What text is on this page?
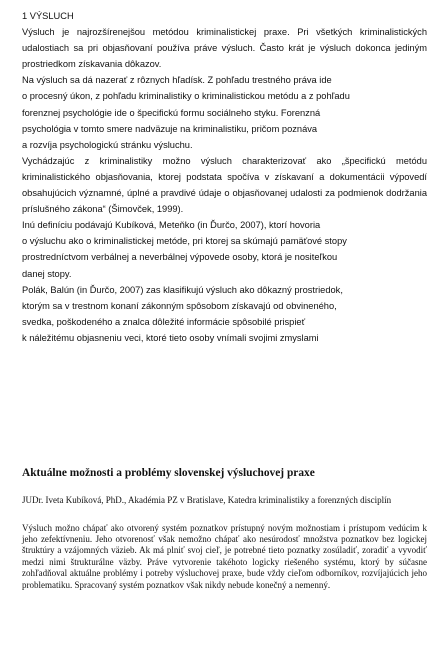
1 VÝSLUCH

Výsluch je najrozšírenejšou metódou kriminalistickej praxe. Pri všetkých kriminalistických udalostiach sa pri objasňovaní používa práve výsluch. Často krát je výsluch dokonca jediným prostriedkom získavania dôkazov.

Na výsluch sa dá nazerať z rôznych hľadísk. Z pohľadu trestného práva ide

o procesný úkon, z pohľadu kriminalistiky o kriminalistickou metódu a z pohľadu

forenznej psychológie ide o špecifickú formu sociálneho styku. Forenzná

psychológia v tomto smere nadväzuje na kriminalistiku, pričom poznáva

a rozvíja psychologickú stránku výsluchu.

Vychádzajúc z kriminalistiky možno výsluch charakterizovať ako „špecifickú metódu kriminalistického objasňovania, ktorej podstata spočíva v získavaní a dokumentácii výpovedí obsahujúcich významné, úplné a pravdivé údaje o objasňovanej udalosti za podmienok dodržania príslušného zákona“ (Šimovček, 1999).

Inú definíciu podávajú Kubíková, Meteňko (in Ďurčo, 2007), ktorí hovoria

o výsluchu ako o kriminalistickej metóde, pri ktorej sa skúmajú pamäťové stopy

prostredníctvom verbálnej a neverbálnej výpovede osoby, ktorá je nositeľkou

danej stopy.

Polák, Balún (in Ďurčo, 2007) zas klasifikujú výsluch ako dôkazný prostriedok,

ktorým sa v trestnom konaní zákonným spôsobom získavajú od obvineného,

svedka, poškodeného a znalca dôležité informácie spôsobilé prispieť

k náležitému objasneniu veci, ktoré tieto osoby vnímali svojimi zmyslami

Aktuálne možnosti a problémy slovenskej výsluchovej praxe

JUDr. Iveta Kubíková, PhD., Akadémia PZ v Bratislave, Katedra kriminalistiky a forenzných disciplín

Výsluch možno chápať ako otvorený systém poznatkov prístupný novým možnostiam i prístupom vedúcim k jeho zefektívneniu. Jeho otvorenosť však nemožno chápať ako nesúrodosť množstva poznatkov bez logickej štruktúry a vzájomných väzieb. Ak má plniť svoj cieľ, je potrebné tieto poznatky zosúladiť, zoradiť a vyvodiť medzi nimi štrukturálne väzby. Práve vytvorenie takéhoto logicky riešeného systému, ktorý by súčasne zohľadňoval aktuálne problémy i potreby výsluchovej praxe, bude vždy cieľom odborníkov, rozvíjajúcich jeho problematiku. Spracovaný systém poznatkov však nikdy nebude konečný a nemenný.
